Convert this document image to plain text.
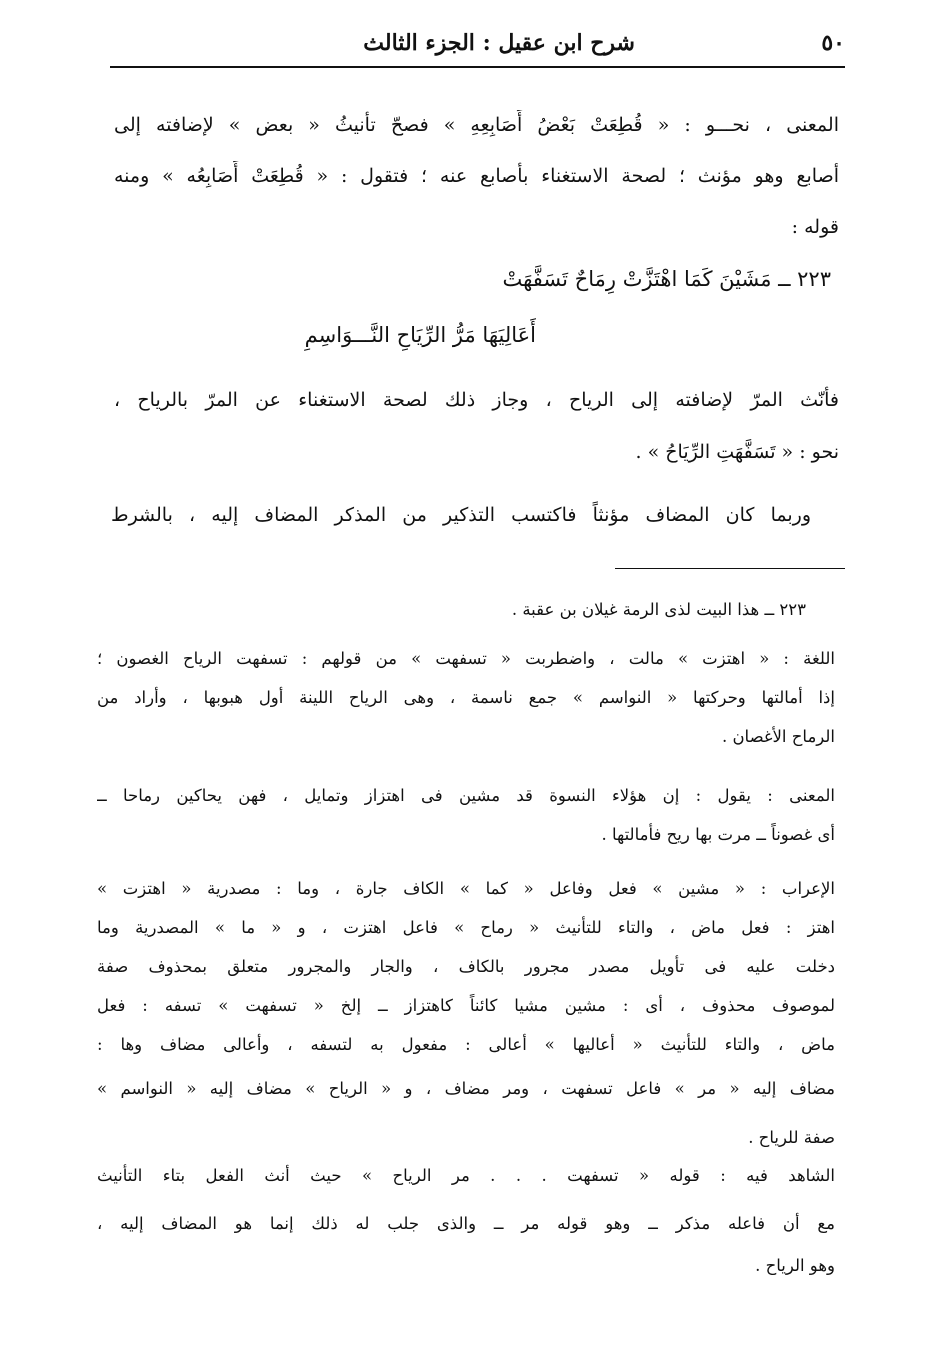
٥٠
شرح ابن عقيل : الجزء الثالث
المعنى ، نحـــو : « قُطِعَتْ بَعْضُ أَصَابِعِهِ » فصحّ تأنيثُ « بعض » لإضافته إلى
أصابع وهو مؤنث ؛ لصحة الاستغناء بأصابع عنه ؛ فتقول : « قُطِعَتْ أَصَابِعُه » ومنه
قوله :
٢٢٣ ــ مَشَيْنَ كَمَا اهْتَزَّتْ رِمَاحٌ تَسَفَّهَتْ
أَعَالِيَهَا مَرُّ الرِّيَاحِ النَّـــوَاسِمِ
فأنّث المرّ لإضافته إلى الرياح ، وجاز ذلك لصحة الاستغناء عن المرّ بالرياح ،
نحو : « تَسَفَّهَتِ الرِّيَاحُ » .
وربما كان المضاف مؤنثاً فاكتسب التذكير من المذكر المضاف إليه ، بالشرط
٢٢٣ ــ هذا البيت لذى الرمة غيلان بن عقبة .
اللغة : « اهتزت » مالت ، واضطربت « تسفهت » من قولهم : تسفهت الرياح الغصون ؛
إذا أمالتها وحركتها « النواسم » جمع ناسمة ، وهى الرياح اللينة أول هبوبها ، وأراد من
الرماح الأغصان .
المعنى : يقول : إن هؤلاء النسوة قد مشين فى اهتزاز وتمايل ، فهن يحاكين رماحا ــ
أى غصوناً ــ مرت بها ريح فأمالتها .
الإعراب : « مشين » فعل وفاعل « كما » الكاف جارة ، وما : مصدرية « اهتزت »
اهتز : فعل ماض ، والتاء للتأنيث « رماح » فاعل اهتزت ، و « ما » المصدرية وما
دخلت عليه فى تأويل مصدر مجرور بالكاف ، والجار والمجرور متعلق بمحذوف صفة
لموصوف محذوف ، أى : مشين مشيا كائناً كاهتزاز ــ إلخ « تسفهت » تسفه : فعل
ماض ، والتاء للتأنيث « أعاليها » أعالى : مفعول به لتسفه ، وأعالى مضاف وها :
مضاف إليه « مر » فاعل تسفهت ، ومر مضاف ، و « الرياح » مضاف إليه « النواسم »
صفة للرياح .
الشاهد فيه : قوله « تسفهت . . . مر الرياح » حيث أنث الفعل بتاء التأنيث
مع أن فاعله مذكر ــ وهو قوله مر ــ والذى جلب له ذلك إنما هو المضاف إليه ،
وهو الرياح .
